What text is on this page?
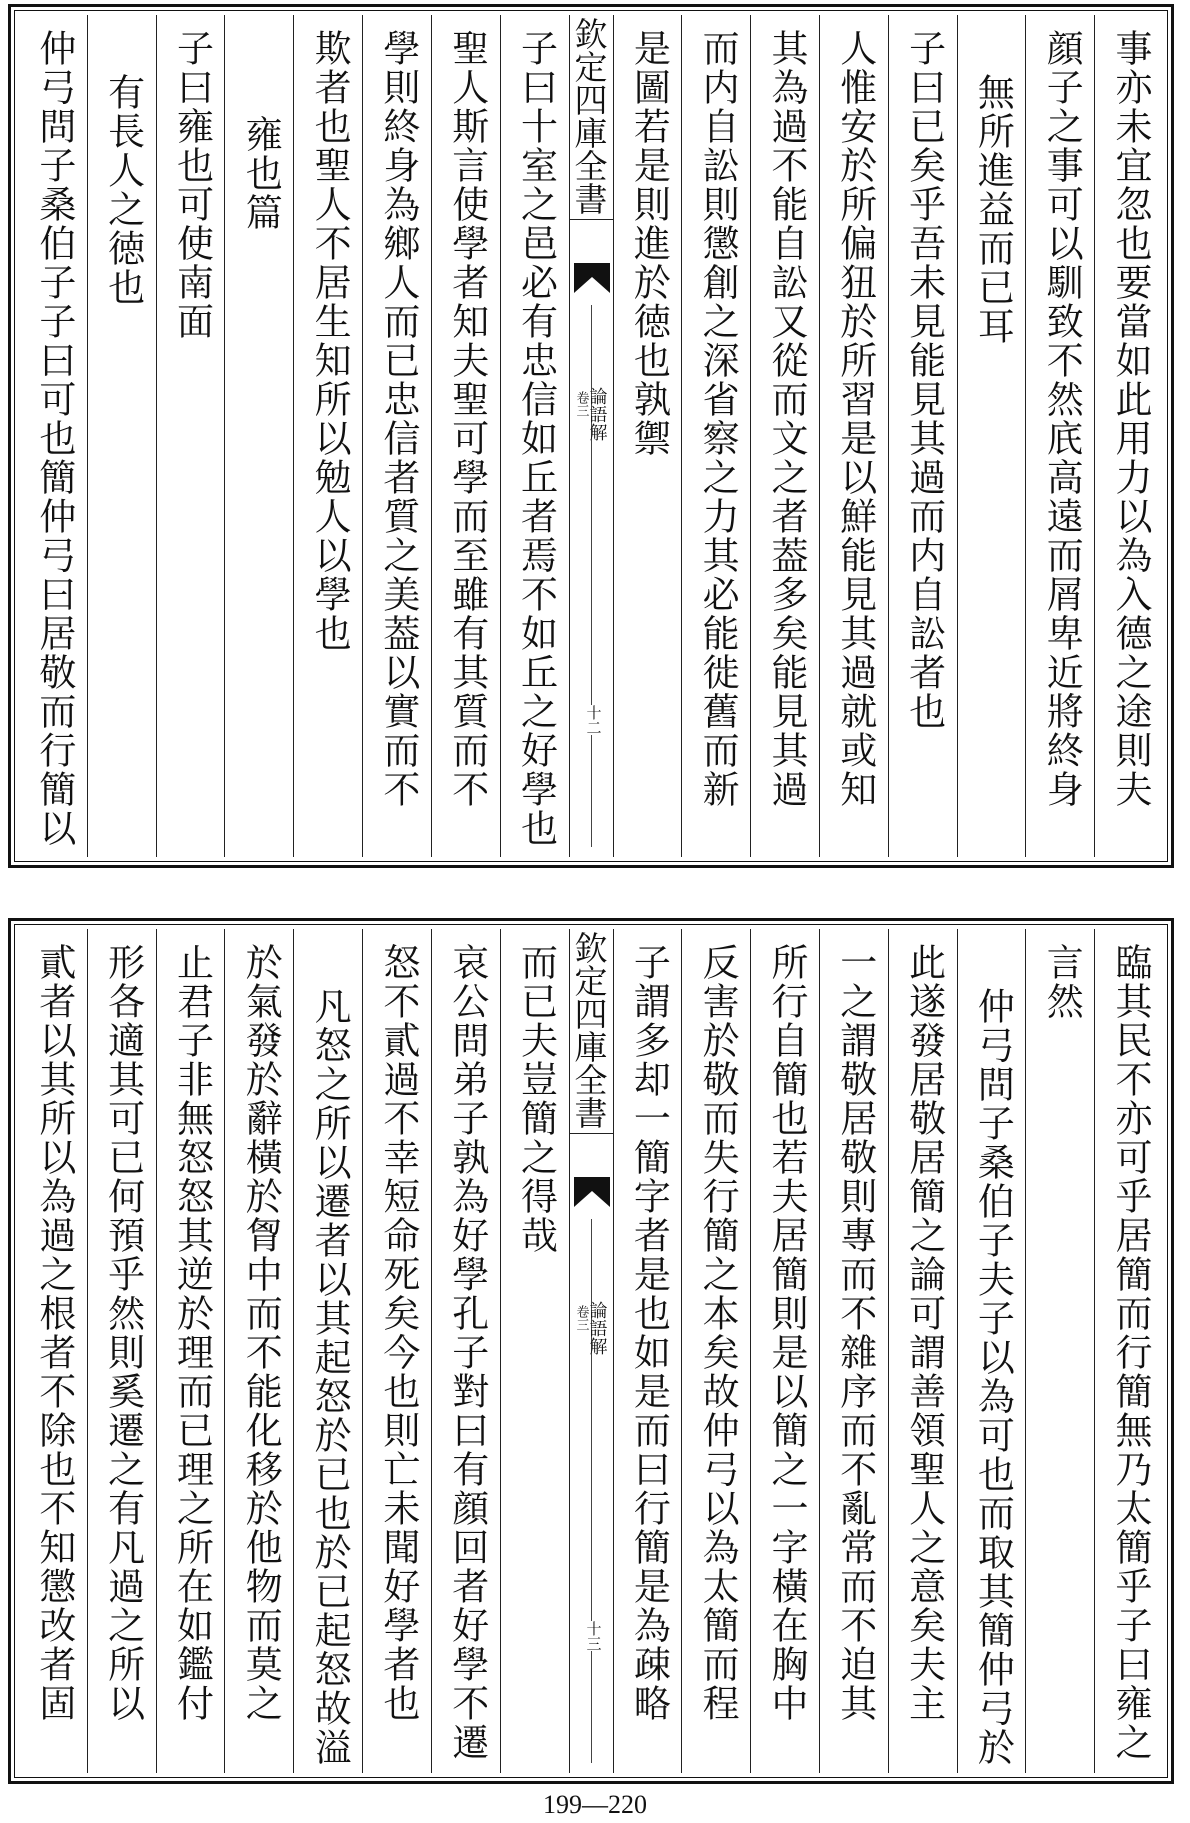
事亦未宜忽也要當如此用力以為入德之途則夫
顔子之事可以馴致不然㡳高遠而屑卑近將終身
無所進益而已耳
子曰已矣乎吾未見能見其過而内自訟者也
人惟安於所偏狃於所習是以鮮能見其過就或知
其為過不能自訟又從而文之者葢多矣能見其過
而内自訟則懲創之深省察之力其必能徙舊而新
是圖若是則進於徳也孰禦
欽定四庫全書
論語解
卷三
十二
子曰十室之邑必有忠信如丘者焉不如丘之好學也
聖人斯言使學者知夫聖可學而至雖有其質而不
學則終身為鄉人而已忠信者質之美葢以實而不
欺者也聖人不居生知所以勉人以學也
雍也篇
子曰雍也可使南面
有長人之徳也
仲弓問子桑伯子子曰可也簡仲弓曰居敬而行簡以
臨其民不亦可乎居簡而行簡無乃太簡乎子曰雍之
言然
仲弓問子桑伯子夫子以為可也而取其簡仲弓於
此遂發居敬居簡之論可謂善領聖人之意矣夫主
一之謂敬居敬則專而不雜序而不亂常而不迫其
所行自簡也若夫居簡則是以簡之一字橫在胸中
反害於敬而失行簡之本矣故仲弓以為太簡而程
子謂多却一簡字者是也如是而曰行簡是為疎略
欽定四庫全書
論語解
卷三
十三
而已夫豈簡之得哉
哀公問弟子孰為好學孔子對曰有顔回者好學不遷
怒不貳過不幸短命死矣今也則亡未聞好學者也
凡怒之所以遷者以其起怒於已也於已起怒故溢
於氣發於辭橫於胷中而不能化移於他物而莫之
止君子非無怒怒其逆於理而已理之所在如鑑付
形各適其可已何預乎然則奚遷之有凡過之所以
貳者以其所以為過之根者不除也不知懲改者固
199—220
